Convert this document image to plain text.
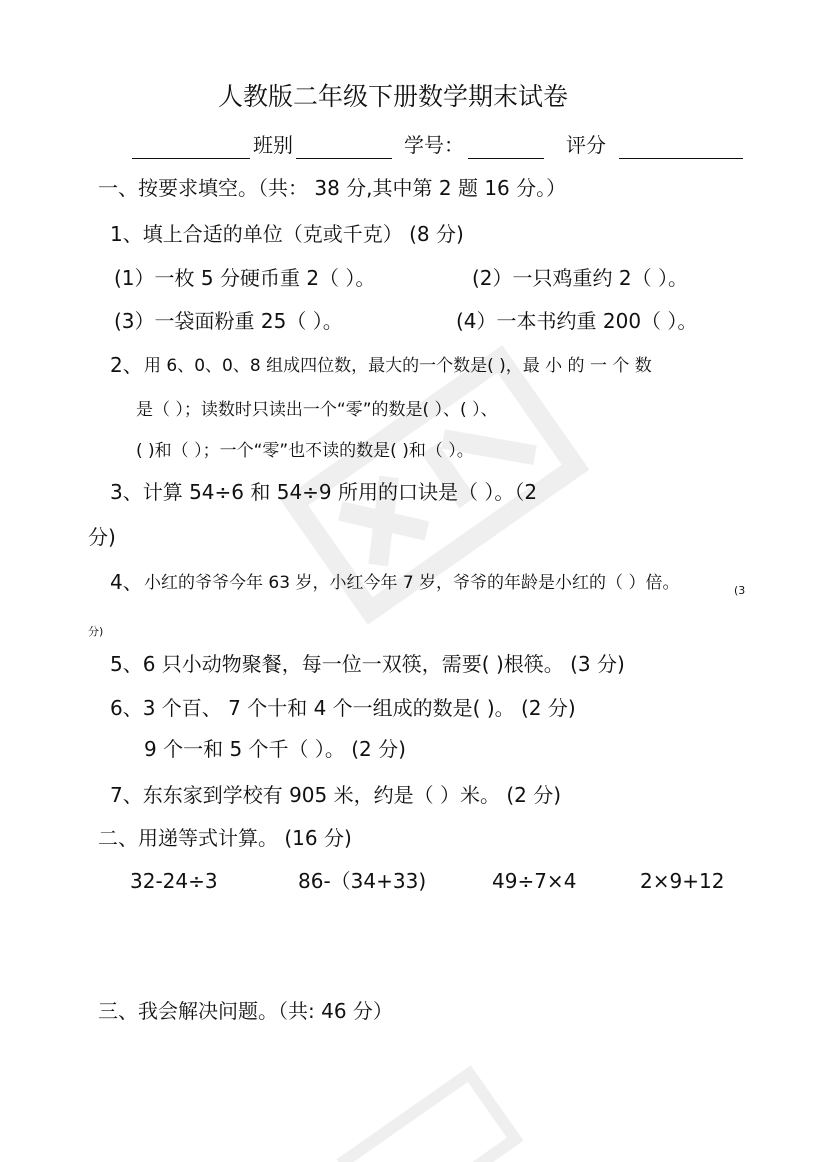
人教版二年级下册数学期末试卷
班别	学号：	评分
一、按要求填空。（共： 38 分,其中第 2 题 16 分。）
1、填上合适的单位（克或千克） (8 分)
(1）一枚 5 分硬币重 2（ ）。	(2）一只鸡重约 2（ ）。
(3）一袋面粉重 25（ ）。	(4）一本书约重 200（ ）。
2、 用 6、0、0、8 组成四位数，最大的一个数是( )，最 小 的 一 个 数
是（ ）；读数时只读出一个“零”的数是( ）、( ）、
( )和（ ）；一个“零”也不读的数是( )和（ ）。
3、计算 54÷6 和 54÷9 所用的口诀是（ ）。（2
分)
4、 小红的爷爷今年 63 岁，小红今年 7 岁，爷爷的年龄是小红的（ ）倍。	(3
分)
5、6 只小动物聚餐，每一位一双筷，需要( )根筷。 (3 分)
6、3 个百、 7 个十和 4 个一组成的数是( )。 (2 分)
9 个一和 5 个千（ ）。 (2 分)
7、东东家到学校有 905 米，约是（ ）米。 (2 分)
二、用递等式计算。 (16 分)
32-24÷3	86-（34+33)	49÷7×4	2×9+12
三、我会解决问题。（共: 46 分）
